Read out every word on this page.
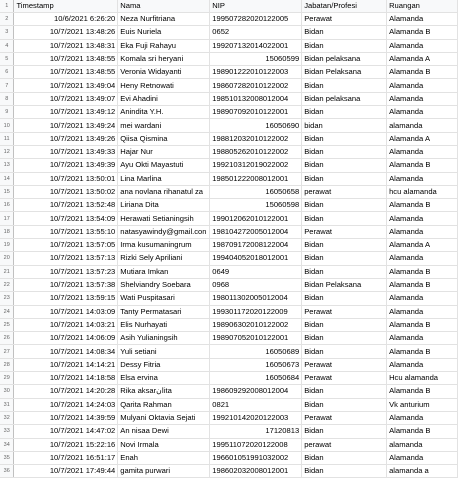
1	Timestamp	Nama	NIP	Jabatan/Profesi	Ruangan
2	10/6/2021 6:26:20	Neza Nurfitriana	199507282020122005	Perawat	Alamanda
3	10/7/2021 13:48:26	Euis Nuriela	0652	Bidan	Alamanda B
4	10/7/2021 13:48:31	Eka Fuji Rahayu	199207132014022001	Bidan	Alamanda
5	10/7/2021 13:48:55	Komala sri heryani	15060599	Bidan pelaksana	Alamanda A
6	10/7/2021 13:48:55	Veronia Widayanti	198901222010122003	Bidan Pelaksana	Alamanda B
7	10/7/2021 13:49:04	Heny Retnowati	198607282010122002	Bidan	Alamanda
8	10/7/2021 13:49:07	Evi Ahadini	198510132008012004	Bidan pelaksana	Alamanda
9	10/7/2021 13:49:12	Anindita Y.H.	198907092010122001	Bidan	Alamanda
10	10/7/2021 13:49:24	mei wardani	16050690	bidan	alamanda
11	10/7/2021 13:49:26	Qiisa Qismina	198812032010122002	Bidan	Alamanda A
12	10/7/2021 13:49:33	Hajar Nur	198805262010122002	Bidan	Alamanda
13	10/7/2021 13:49:39	Ayu Okti Mayastuti	199210312019022002	Bidan	Alamanda B
14	10/7/2021 13:50:01	Lina Marlina	198501222008012001	Bidan	Alamanda
15	10/7/2021 13:50:02	ana novlana rihanatul za	16050658	perawat	hcu alamanda
16	10/7/2021 13:52:48	Liriana Dita	15060598	Bidan	Alamanda B
17	10/7/2021 13:54:09	Herawati Setianingsih	199012062010122001	Bidan	Alamanda
18	10/7/2021 13:55:10	natasyawindy@gmail.con	198104272005012004	Perawat	Alamanda
19	10/7/2021 13:57:05	Irma kusumaningrum	198709172008122004	Bidan	Alamanda A
20	10/7/2021 13:57:13	Rizki Sely Apriliani	199404052018012001	Bidan	Alamanda
21	10/7/2021 13:57:23	Mutiara Imkan	0649	Bidan	Alamanda B
22	10/7/2021 13:57:38	Shelviandry Soebara	0968	Bidan Pelaksana	Alamanda B
23	10/7/2021 13:59:15	Wati Puspitasari	198011302005012004	Bidan	Alamanda
24	10/7/2021 14:03:09	Tanty Permatasari	199301172020122009	Perawat	Alamanda
25	10/7/2021 14:03:21	Elis Nurhayati	198906302010122002	Bidan	Alamanda B
26	10/7/2021 14:06:09	Asih Yulianingsih	198907052010122001	Bidan	Alamanda
27	10/7/2021 14:08:34	Yuli setiani	16050689	Bidan	Alamanda B
28	10/7/2021 14:14:21	Dessy Fitria	16050673	Perawat	Alamanda
29	10/7/2021 14:18:58	Elsa ervina	16050684	Perawat	Hcu alamanda
30	10/7/2021 14:20:28	Rika aksarانita	198609292008012004	Bidan	Alamanda B
31	10/7/2021 14:24:03	Qarita Rahman	0821	Bidan	Vk anturium
32	10/7/2021 14:39:59	Mulyani Oktavia Sejati	199210142020122003	Perawat	Alamanda
33	10/7/2021 14:47:02	An nisaa Dewi	17120813	Bidan	Alamanda B
34	10/7/2021 15:22:16	Novi Irmala	199511072020122008	perawat	alamanda
35	10/7/2021 16:51:17	Enah	196601051991032002	Bidan	Alamanda
36	10/7/2021 17:49:44	gamita purwari	198602032008012001	Bidan	alamanda a
